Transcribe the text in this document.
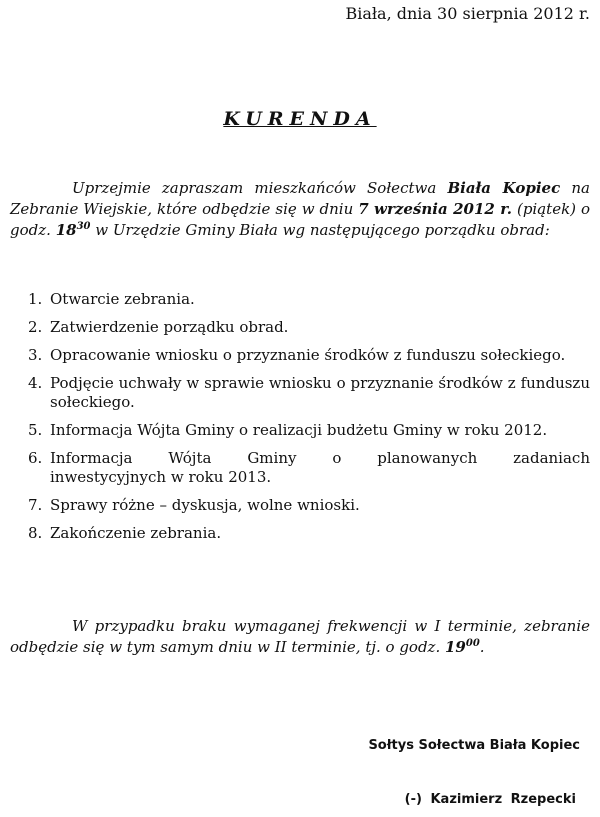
Biała, dnia 30 sierpnia 2012 r.
KURENDA

Uprzejmie zapraszam mieszkańców Sołectwa Biała Kopiec na Zebranie Wiejskie, które odbędzie się w dniu 7 września 2012 r. (piątek) o godz. $18^{30}$ w Urzędzie Gminy Biała wg następującego porządku obrad:

1. Otwarcie zebrania.
2. Zatwierdzenie porządku obrad.
3. Opracowanie wniosku o przyznanie środków z funduszu sołeckiego.
4. Podjęcie uchwały w sprawie wniosku o przyznanie środków z funduszu sołeckiego.
5. Informacja Wójta Gminy o realizacji budżetu Gminy w roku 2012.
6. Informacja Wójta Gminy o planowanych zadaniach
inwestycyjnych w roku 2013.
7. Sprawy różne – dyskusja, wolne wnioski.
8. Zakończenie zebrania.

W przypadku braku wymaganej frekwencji w I terminie, zebranie odbędzie się w tym samym dniu w II terminie, tj. o godz. $19^{00}$.

Sołtys Sołectwa Biała Kopiec
(-) Kazimierz Rzepecki
